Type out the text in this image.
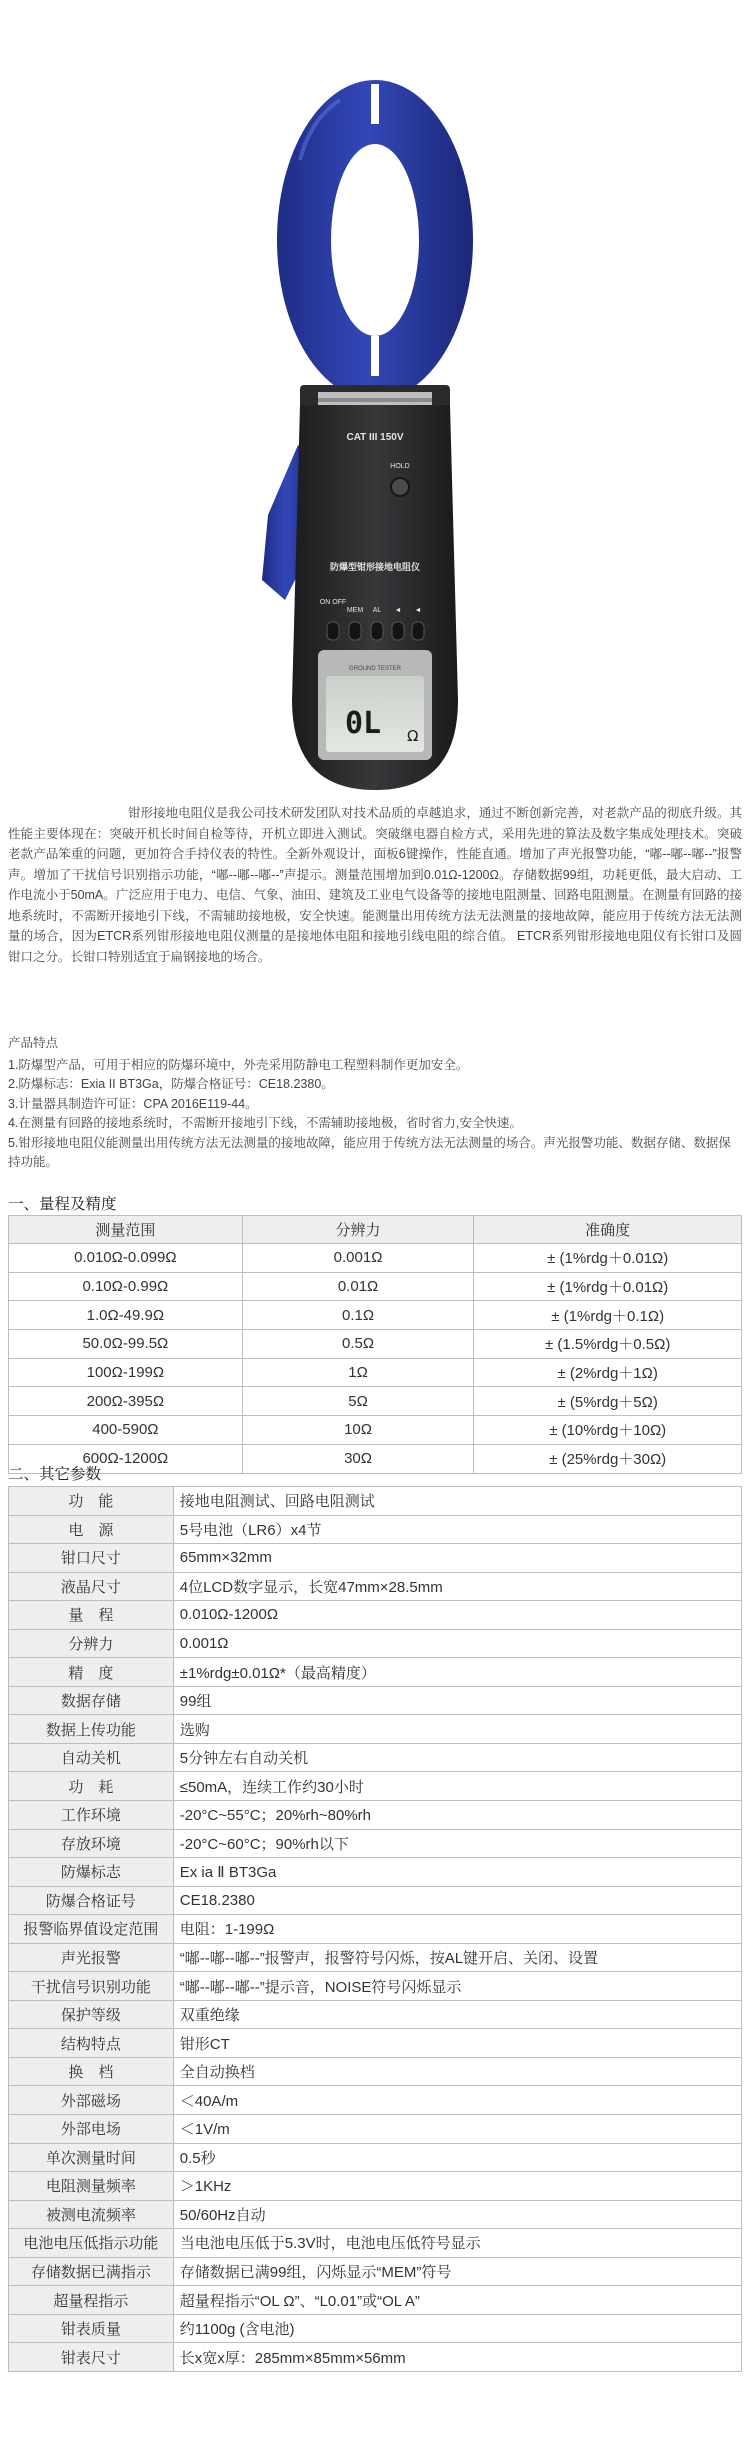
CAT III 150V
HOLD
防爆型钳形接地电阻仪
ON OFF
MEM AL ◄ ◄
GROUND TESTER
0L Ω

钳形接地电阻仪是我公司技术研发团队对技术品质的卓越追求，通过不断创新完善，对老款产品的彻底升级。其性能主要体现在：突破开机长时间自检等待，开机立即进入测试。突破继电器自检方式，采用先进的算法及数字集成处理技术。突破老款产品笨重的问题，更加符合手持仪表的特性。全新外观设计，面板6键操作，性能直通。增加了声光报警功能，“嘟--嘟--嘟--”报警声。增加了干扰信号识别指示功能，“嘟--嘟--嘟--”声提示。测量范围增加到0.01Ω-1200Ω。存储数据99组，功耗更低，最大启动、工作电流小于50mA。广泛应用于电力、电信、气象、油田、建筑及工业电气设备等的接地电阻测量、回路电阻测量。在测量有回路的接地系统时，不需断开接地引下线，不需辅助接地极，安全快速。能测量出用传统方法无法测量的接地故障，能应用于传统方法无法测量的场合，因为ETCR系列钳形接地电阻仪测量的是接地体电阻和接地引线电阻的综合值。 ETCR系列钳形接地电阻仪有长钳口及圆钳口之分。长钳口特别适宜于扁钢接地的场合。

产品特点
1.防爆型产品，可用于相应的防爆环境中，外壳采用防静电工程塑料制作更加安全。
2.防爆标志：Exia II BT3Ga，防爆合格证号：CE18.2380。
3.计量器具制造许可证：CPA 2016E119-44。
4.在测量有回路的接地系统时，不需断开接地引下线，不需辅助接地极，省时省力,安全快速。
5.钳形接地电阻仪能测量出用传统方法无法测量的接地故障，能应用于传统方法无法测量的场合。声光报警功能、数据存储、数据保持功能。
一、量程及精度
测量范围	分辨力	准确度
0.010Ω-0.099Ω	0.001Ω	± (1%rdg＋0.01Ω)
0.10Ω-0.99Ω	0.01Ω	± (1%rdg＋0.01Ω)
1.0Ω-49.9Ω	0.1Ω	± (1%rdg＋0.1Ω)
50.0Ω-99.5Ω	0.5Ω	± (1.5%rdg＋0.5Ω)
100Ω-199Ω	1Ω	± (2%rdg＋1Ω)
200Ω-395Ω	5Ω	± (5%rdg＋5Ω)
400-590Ω	10Ω	± (10%rdg＋10Ω)
600Ω-1200Ω	30Ω	± (25%rdg＋30Ω)
二、其它参数
功　能	接地电阻测试、回路电阻测试
电　源	5号电池（LR6）x4节
钳口尺寸	65mm×32mm
液晶尺寸	4位LCD数字显示，长宽47mm×28.5mm
量　程	0.010Ω-1200Ω
分辨力	0.001Ω
精　度	±1%rdg±0.01Ω*（最高精度）
数据存储	99组
数据上传功能	选购
自动关机	5分钟左右自动关机
功　耗	≤50mA，连续工作约30小时
工作环境	-20°C~55°C；20%rh~80%rh
存放环境	-20°C~60°C；90%rh以下
防爆标志	Ex ia Ⅱ BT3Ga
防爆合格证号	CE18.2380
报警临界值设定范围	电阻：1-199Ω
声光报警	“嘟--嘟--嘟--”报警声，报警符号闪烁，按AL键开启、关闭、设置
干扰信号识别功能	“嘟--嘟--嘟--”提示音，NOISE符号闪烁显示
保护等级	双重绝缘
结构特点	钳形CT
换　档	全自动换档
外部磁场	＜40A/m
外部电场	＜1V/m
单次测量时间	0.5秒
电阻测量频率	＞1KHz
被测电流频率	50/60Hz自动
电池电压低指示功能	当电池电压低于5.3V时，电池电压低符号显示
存储数据已满指示	存储数据已满99组，闪烁显示“MEM”符号
超量程指示	超量程指示“OL Ω”、“L0.01”或“OL A”
钳表质量	约1100g (含电池)
钳表尺寸	长x宽x厚：285mm×85mm×56mm
